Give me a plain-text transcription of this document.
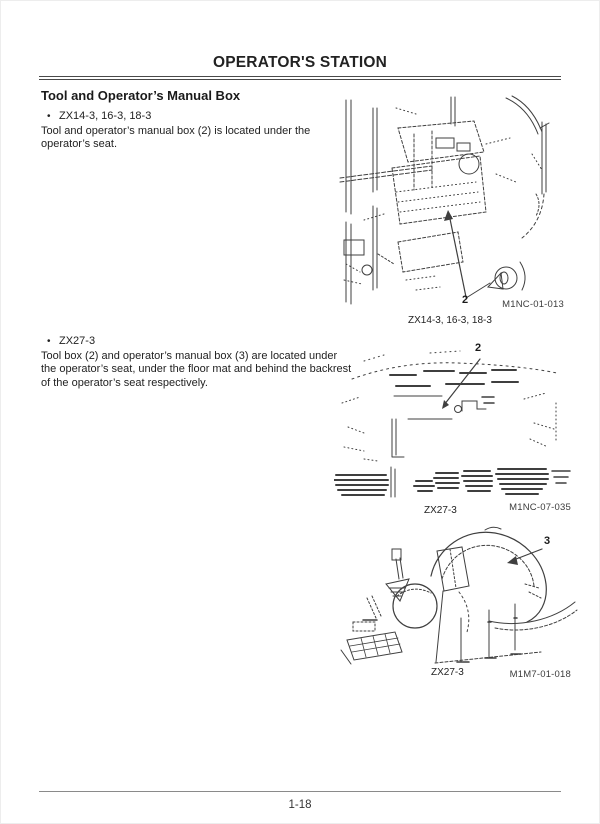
OPERATOR'S STATION
Tool and Operator’s Manual Box
• ZX14-3, 16-3, 18-3
Tool and operator’s manual box (2) is located under the operator’s seat.
2	M1NC-01-013
ZX14-3, 16-3, 18-3
• ZX27-3
Tool box (2) and operator’s manual box (3) are located under the operator’s seat, under the floor mat and behind the backrest of the operator’s seat respectively.
2
ZX27-3	M1NC-07-035
3
ZX27-3	M1M7-01-018
1-18
